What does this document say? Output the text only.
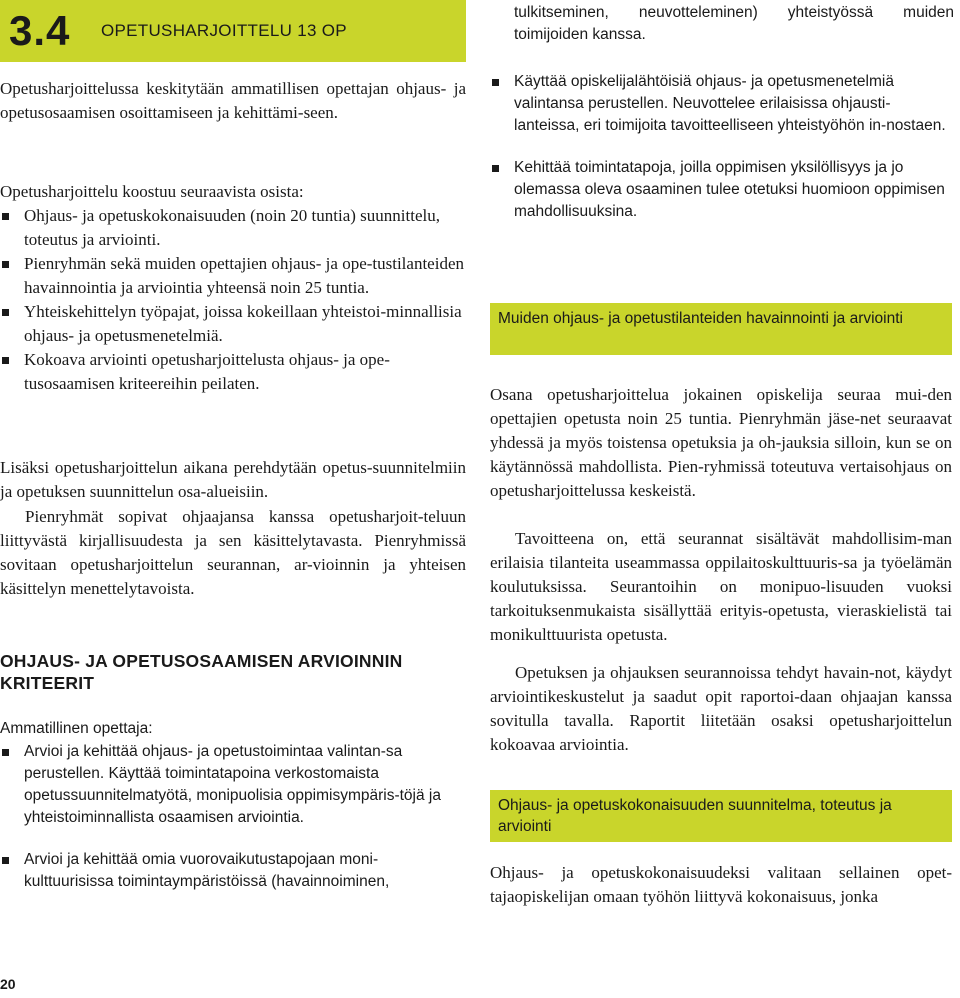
3.4	OPETUSHARJOITTELU 13 OP

Opetusharjoittelussa keskitytään ammatillisen opettajan ohjaus- ja opetusosaamisen osoittamiseen ja kehittämi-seen.

Opetusharjoittelu koostuu seuraavista osista:

Ohjaus- ja opetuskokonaisuuden (noin 20 tuntia) suunnittelu, toteutus ja arviointi.
Pienryhmän sekä muiden opettajien ohjaus- ja ope-tustilanteiden havainnointia ja arviointia yhteensä noin 25 tuntia.
Yhteiskehittelyn työpajat, joissa kokeillaan yhteistoi-minnallisia ohjaus- ja opetusmenetelmiä.
Kokoava arviointi opetusharjoittelusta ohjaus- ja ope-tusosaamisen kriteereihin peilaten.

Lisäksi opetusharjoittelun aikana perehdytään opetus-suunnitelmiin ja opetuksen suunnittelun osa-alueisiin.

Pienryhmät sopivat ohjaajansa kanssa opetusharjoit-teluun liittyvästä kirjallisuudesta ja sen käsittelytavasta. Pienryhmissä sovitaan opetusharjoittelun seurannan, ar-vioinnin ja yhteisen käsittelyn menettelytavoista.

OHJAUS- JA OPETUSOSAAMISEN ARVIOINNIN KRITEERIT

Ammatillinen opettaja:

Arvioi ja kehittää ohjaus- ja opetustoimintaa valintan-sa perustellen. Käyttää toimintatapoina verkostomaista opetussuunnitelmatyötä, monipuolisia oppimisympäris-töjä ja yhteistoiminnallista osaamisen arviointia.
Arvioi ja kehittää omia vuorovaikutustapojaan moni-kulttuurisissa toimintaympäristöissä (havainnoiminen,
20

tulkitseminen, neuvotteleminen) yhteistyössä muiden toimijoiden kanssa.

Käyttää opiskelijalähtöisiä ohjaus- ja opetusmenetelmiä valintansa perustellen. Neuvottelee erilaisissa ohjausti-lanteissa, eri toimijoita tavoitteelliseen yhteistyöhön in-nostaen.
Kehittää toimintatapoja, joilla oppimisen yksilöllisyys ja jo olemassa oleva osaaminen tulee otetuksi huomioon oppimisen mahdollisuuksina.
Muiden ohjaus- ja opetustilanteiden havainnointi ja arviointi

Osana opetusharjoittelua jokainen opiskelija seuraa mui-den opettajien opetusta noin 25 tuntia. Pienryhmän jäse-net seuraavat yhdessä ja myös toistensa opetuksia ja oh-jauksia silloin, kun se on käytännössä mahdollista. Pien-ryhmissä toteutuva vertaisohjaus on opetusharjoittelussa keskeistä.

Tavoitteena on, että seurannat sisältävät mahdollisim-man erilaisia tilanteita useammassa oppilaitoskulttuuris-sa ja työelämän koulutuksissa. Seurantoihin on monipuo-lisuuden vuoksi tarkoituksenmukaista sisällyttää erityis-opetusta, vieraskielistä tai monikulttuurista opetusta.

Opetuksen ja ohjauksen seurannoissa tehdyt havain-not, käydyt arviointikeskustelut ja saadut opit raportoi-daan ohjaajan kanssa sovitulla tavalla. Raportit liitetään osaksi opetusharjoittelun kokoavaa arviointia.

Ohjaus- ja opetuskokonaisuuden suunnitelma, toteutus ja arviointi

Ohjaus- ja opetuskokonaisuudeksi valitaan sellainen opet-tajaopiskelijan omaan työhön liittyvä kokonaisuus, jonka
